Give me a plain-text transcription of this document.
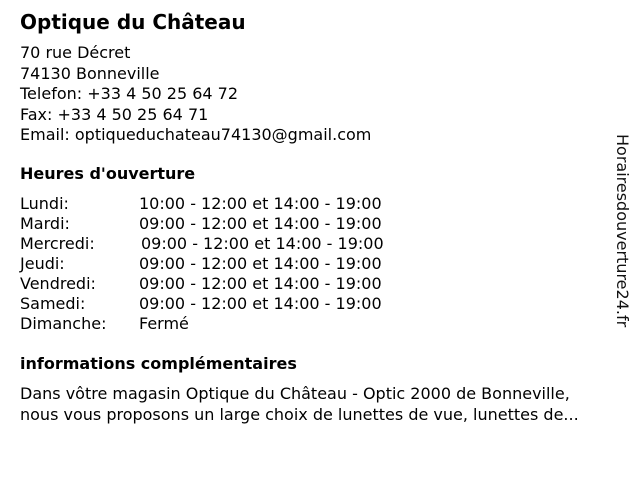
Optique du Château
70 rue Décret
74130 Bonneville
Telefon: +33 4 50 25 64 72
Fax: +33 4 50 25 64 71
Email: optiqueduchateau74130@gmail.com
Heures d'ouverture
Lundi:	10:00 - 12:00 et 14:00 - 19:00
Mardi:	09:00 - 12:00 et 14:00 - 19:00
Mercredi:	09:00 - 12:00 et 14:00 - 19:00
Jeudi:	09:00 - 12:00 et 14:00 - 19:00
Vendredi:	09:00 - 12:00 et 14:00 - 19:00
Samedi:	09:00 - 12:00 et 14:00 - 19:00
Dimanche: Fermé
informations complémentaires
Dans vôtre magasin Optique du Château - Optic 2000 de Bonneville,
nous vous proposons un large choix de lunettes de vue, lunettes de...
Horairesdouverture24.fr
